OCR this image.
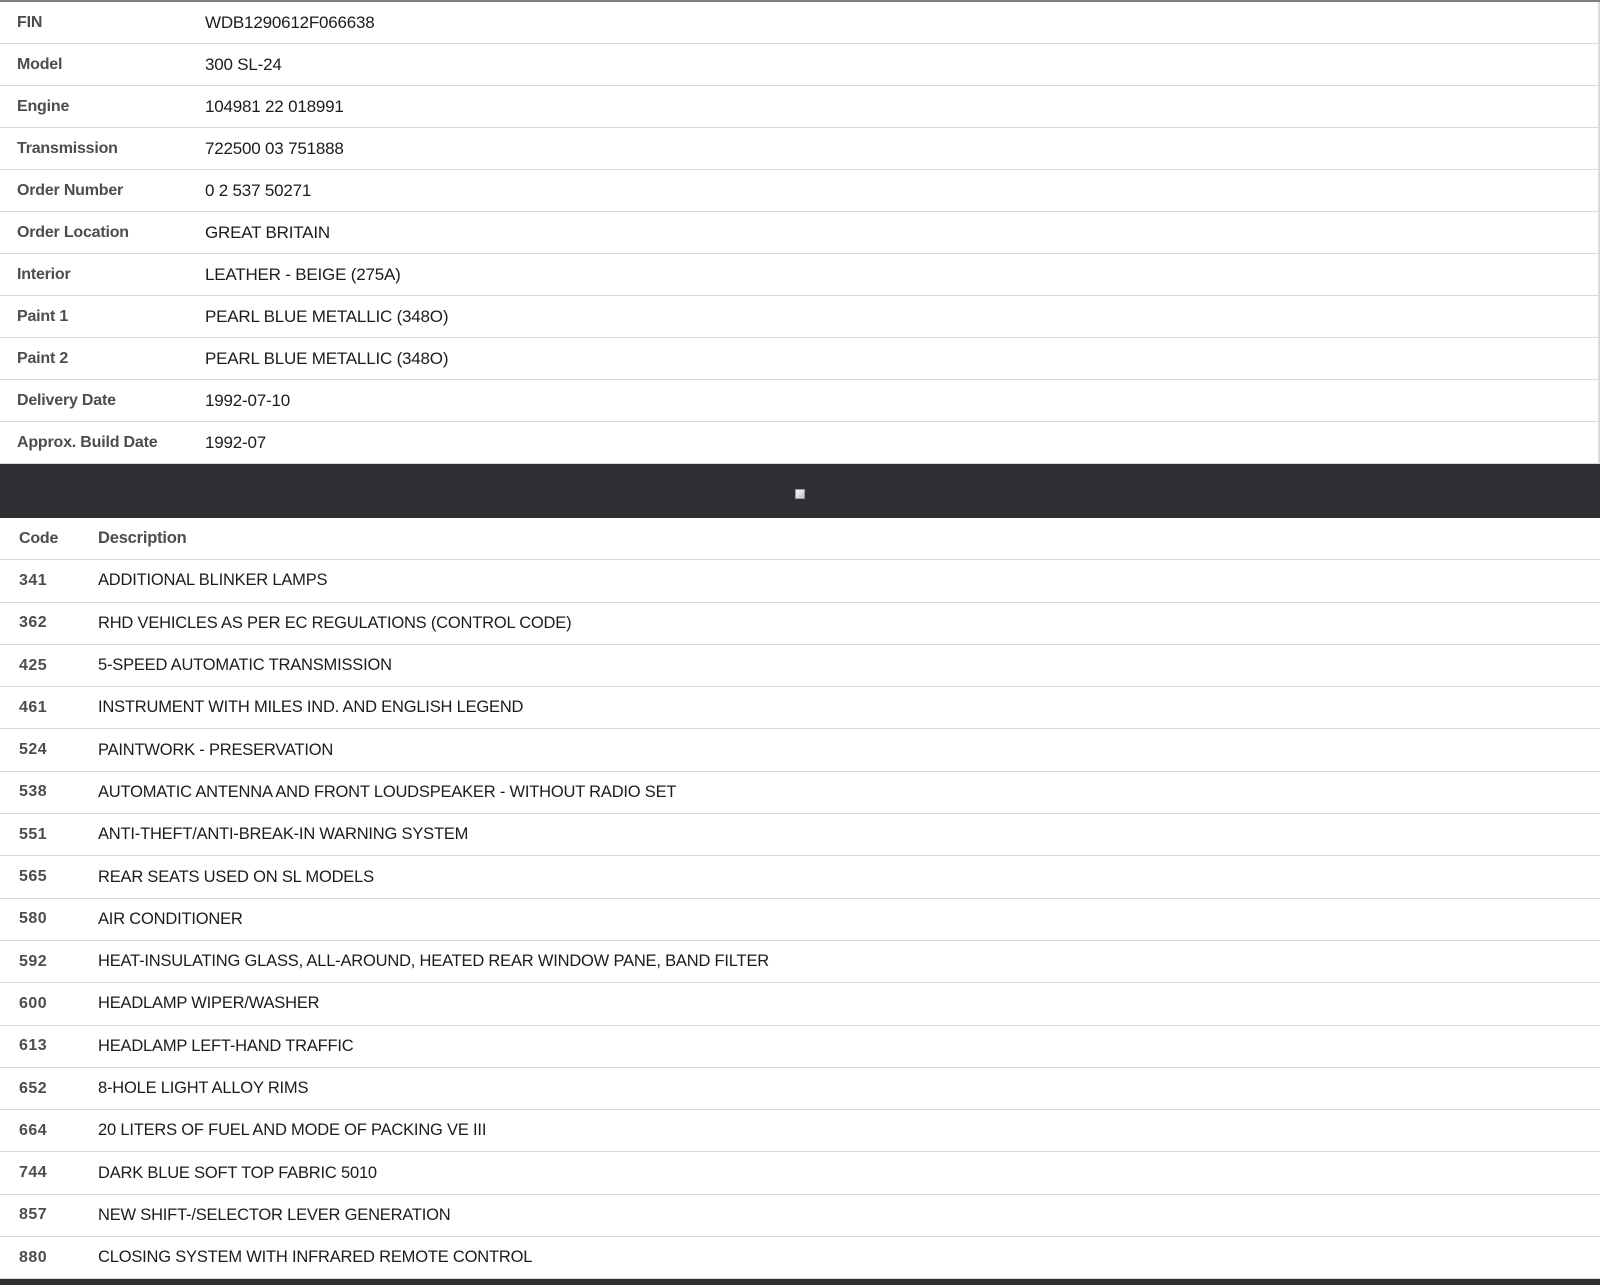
FIN	WDB1290612F066638
Model	300 SL-24
Engine	104981 22 018991
Transmission	722500 03 751888
Order Number	0 2 537 50271
Order Location	GREAT BRITAIN
Interior	LEATHER - BEIGE (275A)
Paint 1	PEARL BLUE METALLIC (348O)
Paint 2	PEARL BLUE METALLIC (348O)
Delivery Date	1992-07-10
Approx. Build Date	1992-07
Code	Description
341	ADDITIONAL BLINKER LAMPS
362	RHD VEHICLES AS PER EC REGULATIONS (CONTROL CODE)
425	5-SPEED AUTOMATIC TRANSMISSION
461	INSTRUMENT WITH MILES IND. AND ENGLISH LEGEND
524	PAINTWORK - PRESERVATION
538	AUTOMATIC ANTENNA AND FRONT LOUDSPEAKER - WITHOUT RADIO SET
551	ANTI-THEFT/ANTI-BREAK-IN WARNING SYSTEM
565	REAR SEATS USED ON SL MODELS
580	AIR CONDITIONER
592	HEAT-INSULATING GLASS, ALL-AROUND, HEATED REAR WINDOW PANE, BAND FILTER
600	HEADLAMP WIPER/WASHER
613	HEADLAMP LEFT-HAND TRAFFIC
652	8-HOLE LIGHT ALLOY RIMS
664	20 LITERS OF FUEL AND MODE OF PACKING VE III
744	DARK BLUE SOFT TOP FABRIC 5010
857	NEW SHIFT-/SELECTOR LEVER GENERATION
880	CLOSING SYSTEM WITH INFRARED REMOTE CONTROL
